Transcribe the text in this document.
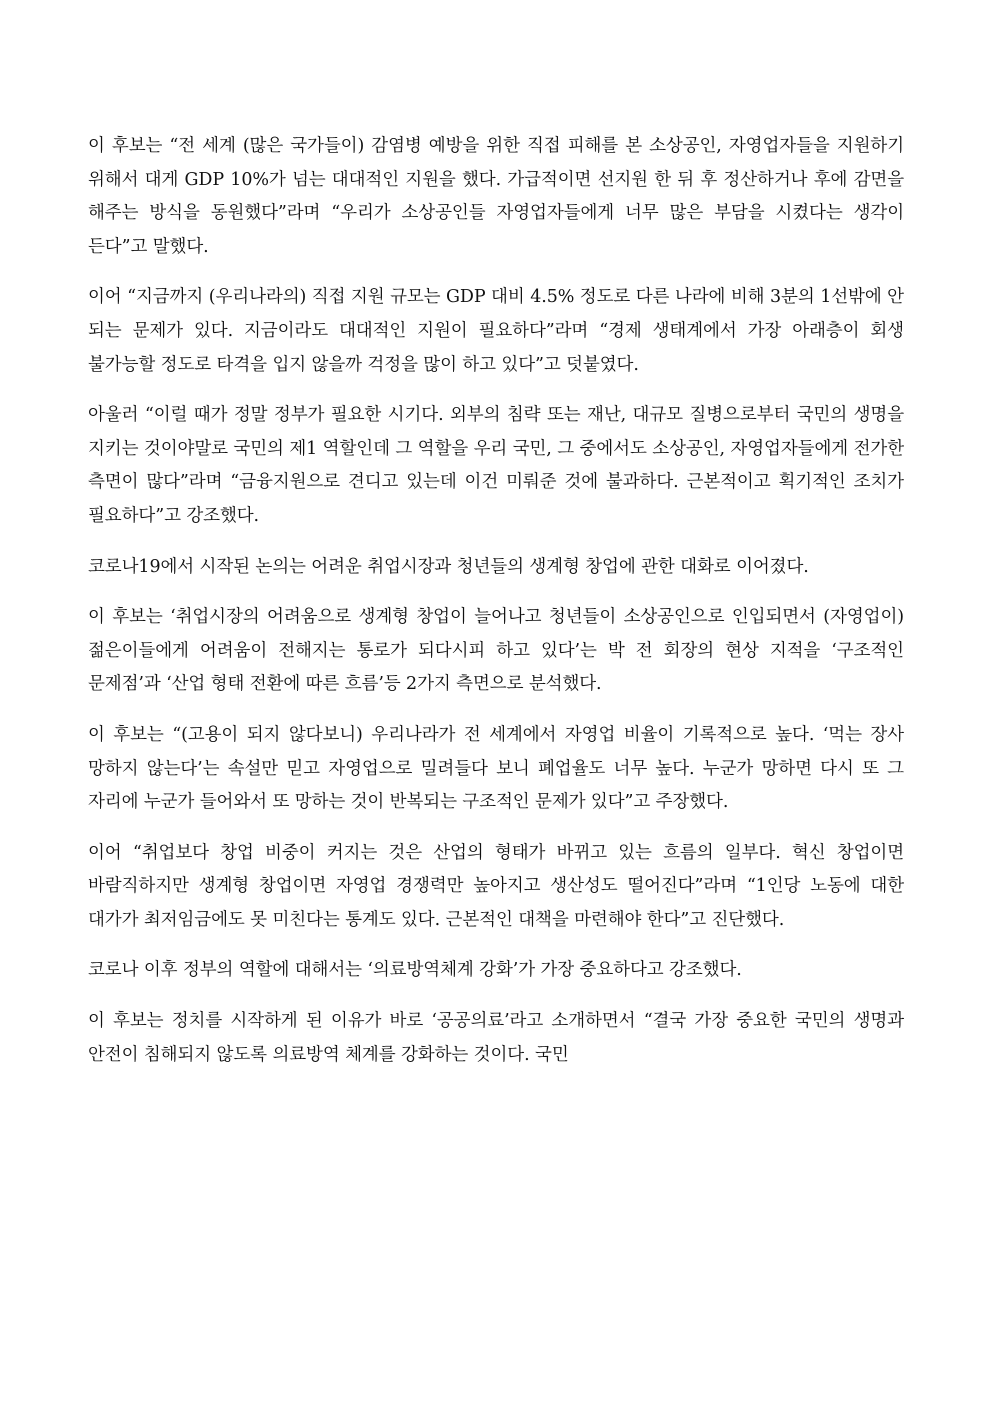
이 후보는 “전 세계 (많은 국가들이) 감염병 예방을 위한 직접 피해를 본 소상공인, 자영업자들을 지원하기 위해서 대게 GDP 10%가 넘는 대대적인 지원을 했다. 가급적이면 선지원 한 뒤 후 정산하거나 후에 감면을 해주는 방식을 동원했다”라며 “우리가 소상공인들 자영업자들에게 너무 많은 부담을 시켰다는 생각이 든다”고 말했다.

이어 “지금까지 (우리나라의) 직접 지원 규모는 GDP 대비 4.5% 정도로 다른 나라에 비해 3분의 1선밖에 안 되는 문제가 있다. 지금이라도 대대적인 지원이 필요하다”라며 “경제 생태계에서 가장 아래층이 회생 불가능할 정도로 타격을 입지 않을까 걱정을 많이 하고 있다”고 덧붙였다.

아울러 “이럴 때가 정말 정부가 필요한 시기다. 외부의 침략 또는 재난, 대규모 질병으로부터 국민의 생명을 지키는 것이야말로 국민의 제1 역할인데 그 역할을 우리 국민, 그 중에서도 소상공인, 자영업자들에게 전가한 측면이 많다”라며 “금융지원으로 견디고 있는데 이건 미뤄준 것에 불과하다. 근본적이고 획기적인 조치가 필요하다”고 강조했다.

코로나19에서 시작된 논의는 어려운 취업시장과 청년들의 생계형 창업에 관한 대화로 이어졌다.

이 후보는 ‘취업시장의 어려움으로 생계형 창업이 늘어나고 청년들이 소상공인으로 인입되면서 (자영업이) 젊은이들에게 어려움이 전해지는 통로가 되다시피 하고 있다’는 박 전 회장의 현상 지적을 ‘구조적인 문제점’과 ‘산업 형태 전환에 따른 흐름’등 2가지 측면으로 분석했다.

이 후보는 “(고용이 되지 않다보니) 우리나라가 전 세계에서 자영업 비율이 기록적으로 높다. ‘먹는 장사 망하지 않는다’는 속설만 믿고 자영업으로 밀려들다 보니 폐업율도 너무 높다. 누군가 망하면 다시 또 그 자리에 누군가 들어와서 또 망하는 것이 반복되는 구조적인 문제가 있다”고 주장했다.

이어 “취업보다 창업 비중이 커지는 것은 산업의 형태가 바뀌고 있는 흐름의 일부다. 혁신 창업이면 바람직하지만 생계형 창업이면 자영업 경쟁력만 높아지고 생산성도 떨어진다”라며 “1인당 노동에 대한 대가가 최저임금에도 못 미친다는 통계도 있다. 근본적인 대책을 마련해야 한다”고 진단했다.

코로나 이후 정부의 역할에 대해서는 ‘의료방역체계 강화’가 가장 중요하다고 강조했다.

이 후보는 정치를 시작하게 된 이유가 바로 ‘공공의료’라고 소개하면서 “결국 가장 중요한 국민의 생명과 안전이 침해되지 않도록 의료방역 체계를 강화하는 것이다. 국민
